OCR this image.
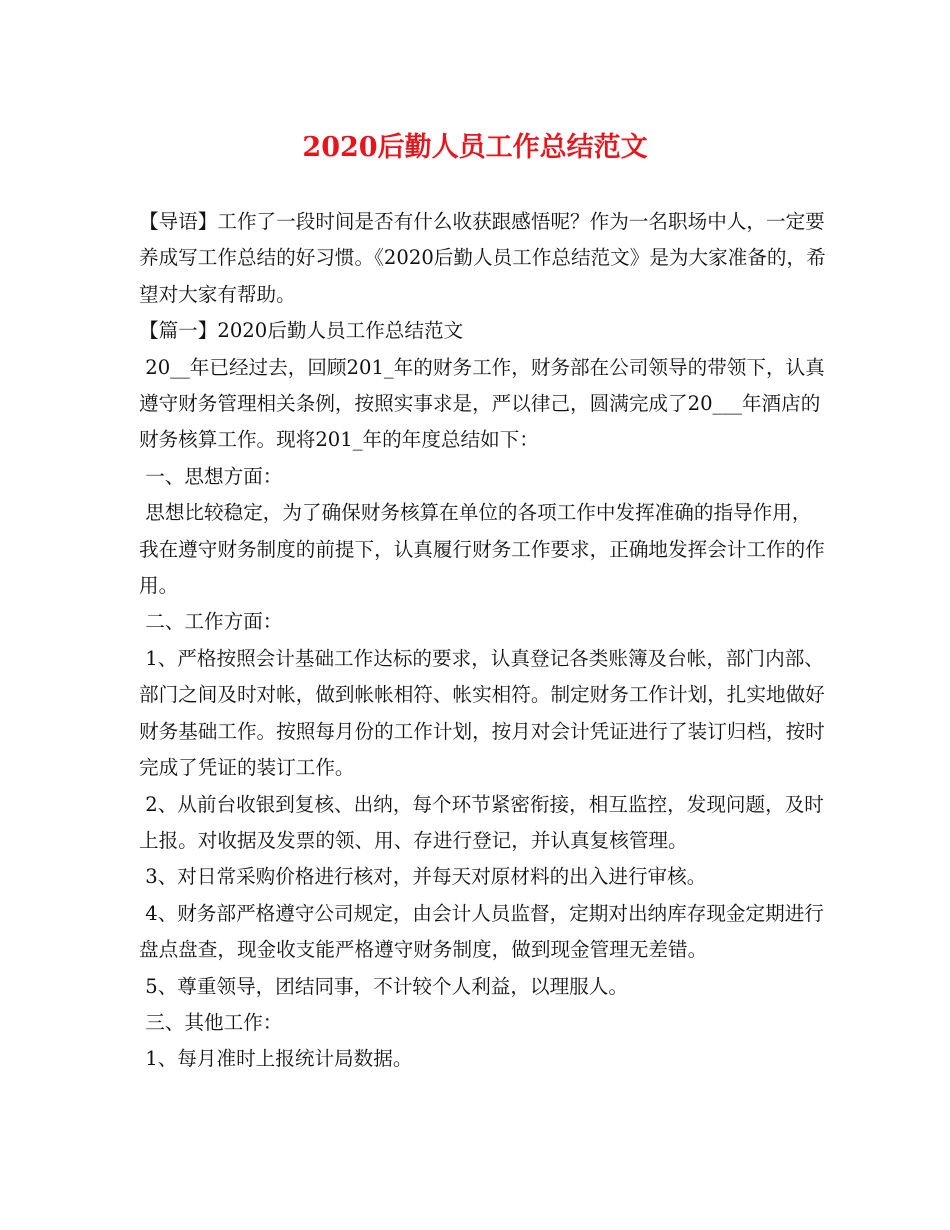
2020后勤人员工作总结范文

【导语】工作了一段时间是否有什么收获跟感悟呢？作为一名职场中人，一定要养成写工作总结的好习惯。《2020后勤人员工作总结范文》是为大家准备的，希望对大家有帮助。

【篇一】2020后勤人员工作总结范文

20__年已经过去，回顾201_年的财务工作，财务部在公司领导的带领下，认真遵守财务管理相关条例，按照实事求是，严以律己，圆满完成了20___年酒店的财务核算工作。现将201_年的年度总结如下：

一、思想方面：

思想比较稳定，为了确保财务核算在单位的各项工作中发挥准确的指导作用，我在遵守财务制度的前提下，认真履行财务工作要求，正确地发挥会计工作的作用。

二、工作方面：

1、严格按照会计基础工作达标的要求，认真登记各类账簿及台帐，部门内部、部门之间及时对帐，做到帐帐相符、帐实相符。制定财务工作计划，扎实地做好财务基础工作。按照每月份的工作计划，按月对会计凭证进行了装订归档，按时完成了凭证的装订工作。

2、从前台收银到复核、出纳，每个环节紧密衔接，相互监控，发现问题，及时上报。对收据及发票的领、用、存进行登记，并认真复核管理。

3、对日常采购价格进行核对，并每天对原材料的出入进行审核。

4、财务部严格遵守公司规定，由会计人员监督，定期对出纳库存现金定期进行盘点盘查，现金收支能严格遵守财务制度，做到现金管理无差错。

5、尊重领导，团结同事，不计较个人利益，以理服人。

三、其他工作：

1、每月准时上报统计局数据。
